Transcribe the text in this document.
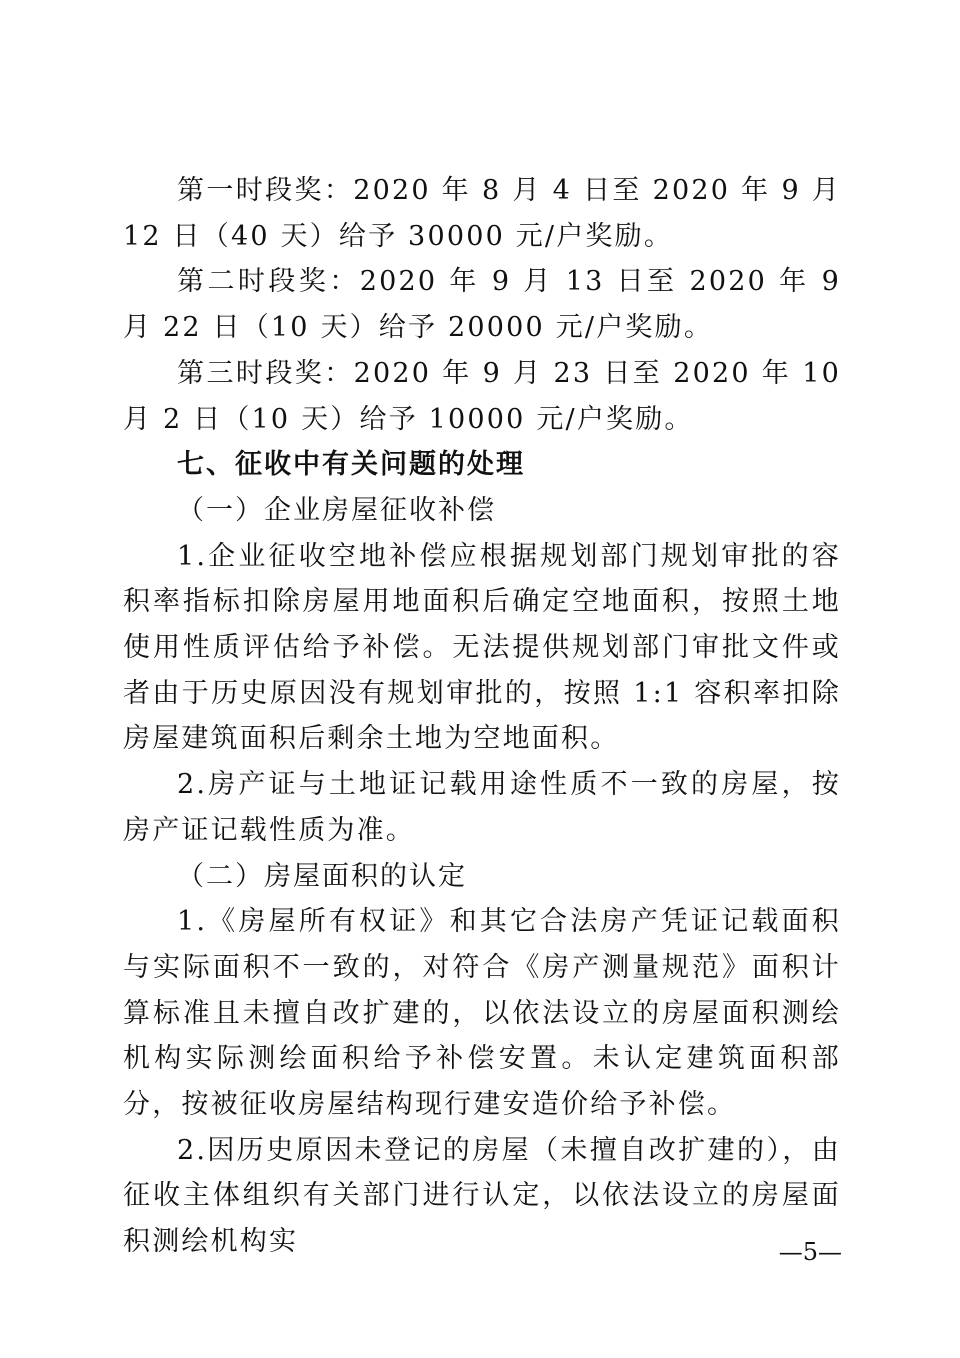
第一时段奖：2020 年 8 月 4 日至 2020 年 9 月 12 日（40 天）给予 30000 元/户奖励。

第二时段奖：2020 年 9 月 13 日至 2020 年 9 月 22 日（10 天）给予 20000 元/户奖励。

第三时段奖：2020 年 9 月 23 日至 2020 年 10 月 2 日（10 天）给予 10000 元/户奖励。

七、征收中有关问题的处理

（一）企业房屋征收补偿

1.企业征收空地补偿应根据规划部门规划审批的容积率指标扣除房屋用地面积后确定空地面积，按照土地使用性质评估给予补偿。无法提供规划部门审批文件或者由于历史原因没有规划审批的，按照 1:1 容积率扣除房屋建筑面积后剩余土地为空地面积。

2.房产证与土地证记载用途性质不一致的房屋，按房产证记载性质为准。

（二）房屋面积的认定

1.《房屋所有权证》和其它合法房产凭证记载面积与实际面积不一致的，对符合《房产测量规范》面积计算标准且未擅自改扩建的，以依法设立的房屋面积测绘机构实际测绘面积给予补偿安置。未认定建筑面积部分，按被征收房屋结构现行建安造价给予补偿。

2.因历史原因未登记的房屋（未擅自改扩建的），由征收主体组织有关部门进行认定，以依法设立的房屋面积测绘机构实	—5—
